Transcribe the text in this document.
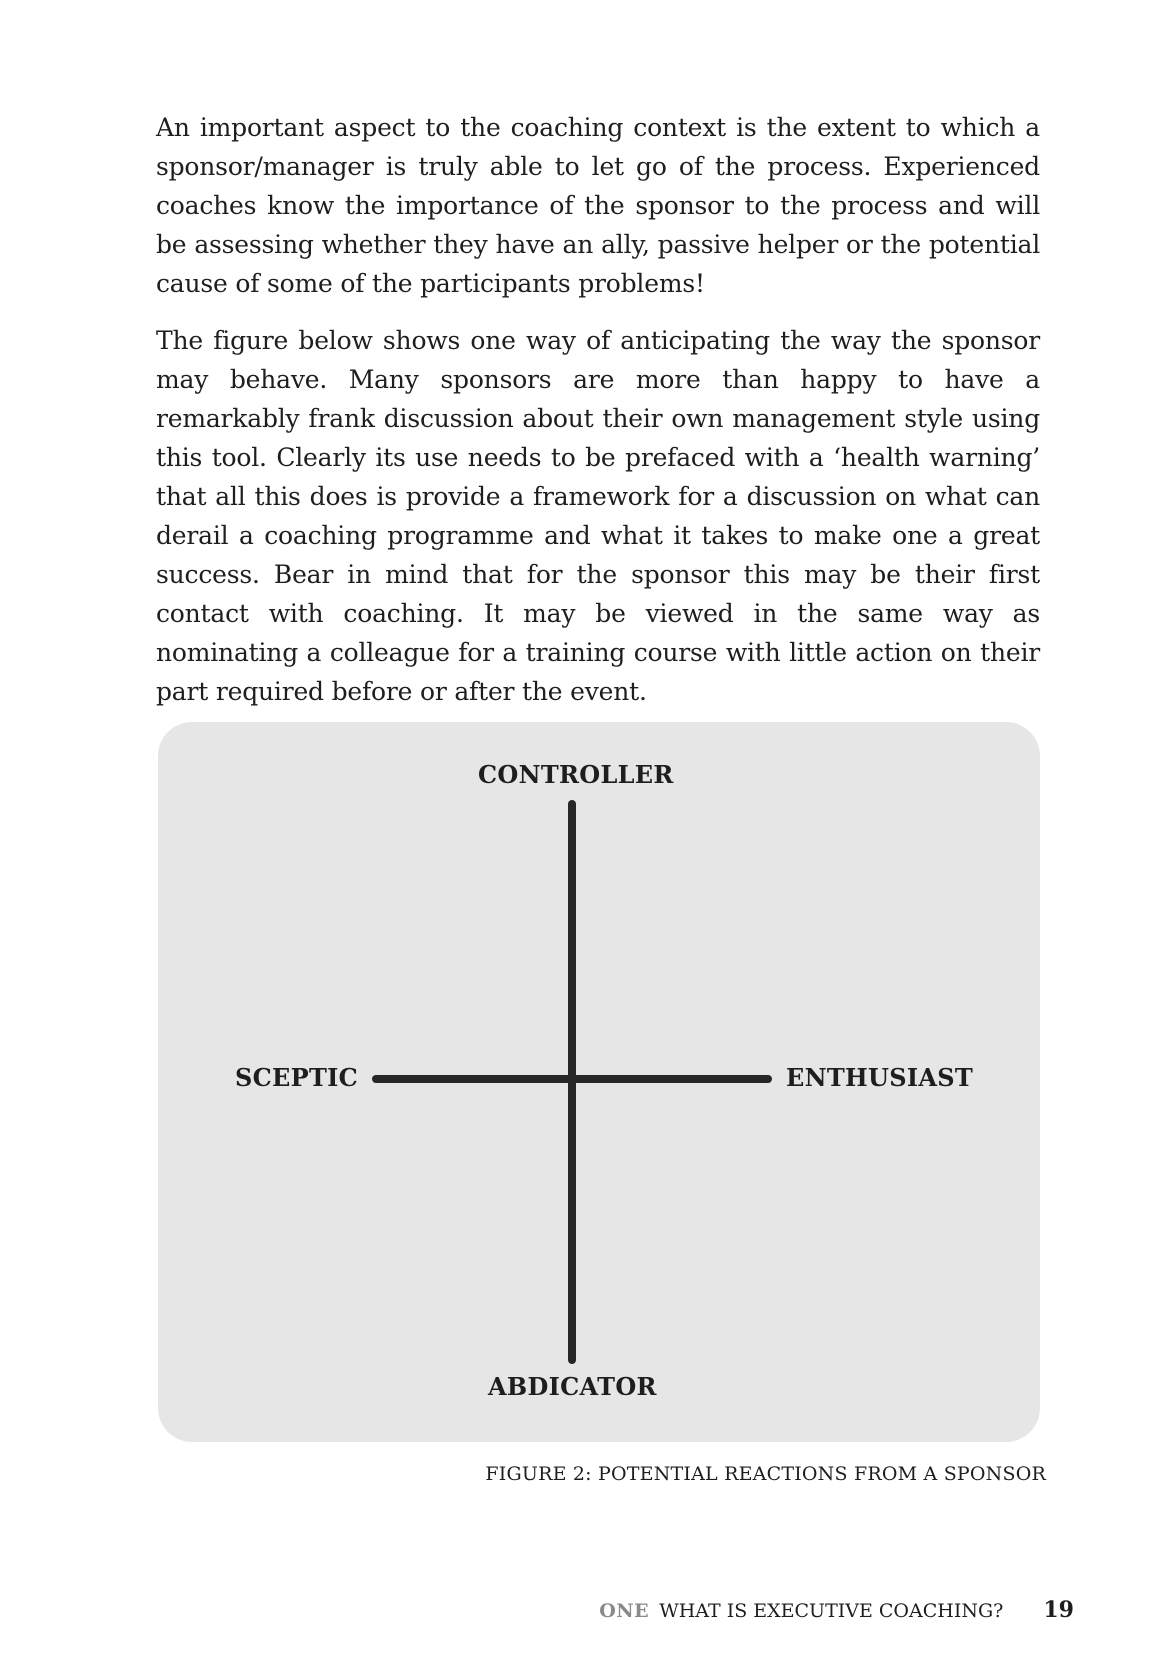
An important aspect to the coaching context is the extent to which a sponsor/manager is truly able to let go of the process. Experienced coaches know the importance of the sponsor to the process and will be assessing whether they have an ally, passive helper or the potential cause of some of the participants problems!

The figure below shows one way of anticipating the way the sponsor may behave. Many sponsors are more than happy to have a remarkably frank discussion about their own management style using this tool. Clearly its use needs to be prefaced with a ‘health warning’ that all this does is provide a framework for a discussion on what can derail a coaching programme and what it takes to make one a great success. Bear in mind that for the sponsor this may be their first contact with coaching. It may be viewed in the same way as nominating a colleague for a training course with little action on their part required before or after the event.

CONTROLLER
ABDICATOR
SCEPTIC	ENTHUSIAST
FIGURE 2: POTENTIAL REACTIONS FROM A SPONSOR
ONE WHAT IS EXECUTIVE COACHING? 19
